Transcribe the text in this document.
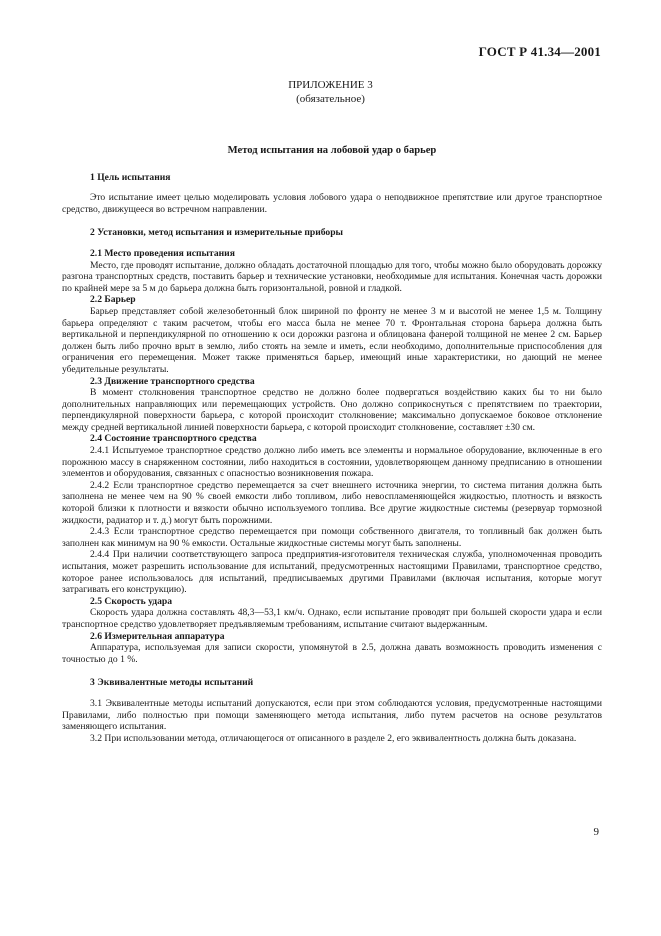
ГОСТ Р 41.34—2001
ПРИЛОЖЕНИЕ 3
(обязательное)
Метод испытания на лобовой удар о барьер
1 Цель испытания
Это испытание имеет целью моделировать условия лобового удара о неподвижное препятствие или другое транспортное средство, движущееся во встречном направлении.
2 Установки, метод испытания и измерительные приборы
2.1 Место проведения испытания
Место, где проводят испытание, должно обладать достаточной площадью для того, чтобы можно было оборудовать дорожку разгона транспортных средств, поставить барьер и технические установки, необходимые для испытания. Конечная часть дорожки по крайней мере за 5 м до барьера должна быть горизонтальной, ровной и гладкой.
2.2 Барьер
Барьер представляет собой железобетонный блок шириной по фронту не менее 3 м и высотой не менее 1,5 м. Толщину барьера определяют с таким расчетом, чтобы его масса была не менее 70 т. Фронтальная сторона барьера должна быть вертикальной и перпендикулярной по отношению к оси дорожки разгона и облицована фанерой толщиной не менее 2 см. Барьер должен быть либо прочно врыт в землю, либо стоять на земле и иметь, если необходимо, дополнительные приспособления для ограничения его перемещения. Может также применяться барьер, имеющий иные характеристики, но дающий не менее убедительные результаты.
2.3 Движение транспортного средства
В момент столкновения транспортное средство не должно более подвергаться воздействию каких бы то ни было дополнительных направляющих или перемещающих устройств. Оно должно соприкоснуться с препятствием по траектории, перпендикулярной поверхности барьера, с которой происходит столкновение; максимально допускаемое боковое отклонение между средней вертикальной линией поверхности барьера, с которой происходит столкновение, составляет ±30 см.
2.4 Состояние транспортного средства
2.4.1 Испытуемое транспортное средство должно либо иметь все элементы и нормальное оборудование, включенные в его порожнюю массу в снаряженном состоянии, либо находиться в состоянии, удовлетворяющем данному предписанию в отношении элементов и оборудования, связанных с опасностью возникновения пожара.
2.4.2 Если транспортное средство перемещается за счет внешнего источника энергии, то система питания должна быть заполнена не менее чем на 90 % своей емкости либо топливом, либо невоспламеняющейся жидкостью, плотность и вязкость которой близки к плотности и вязкости обычно используемого топлива. Все другие жидкостные системы (резервуар тормозной жидкости, радиатор и т. д.) могут быть порожними.
2.4.3 Если транспортное средство перемещается при помощи собственного двигателя, то топливный бак должен быть заполнен как минимум на 90 % емкости. Остальные жидкостные системы могут быть заполнены.
2.4.4 При наличии соответствующего запроса предприятия-изготовителя техническая служба, уполномоченная проводить испытания, может разрешить использование для испытаний, предусмотренных настоящими Правилами, транспортное средство, которое ранее использовалось для испытаний, предписываемых другими Правилами (включая испытания, которые могут затрагивать его конструкцию).
2.5 Скорость удара
Скорость удара должна составлять 48,3—53,1 км/ч. Однако, если испытание проводят при большей скорости удара и если транспортное средство удовлетворяет предъявляемым требованиям, испытание считают выдержанным.
2.6 Измерительная аппаратура
Аппаратура, используемая для записи скорости, упомянутой в 2.5, должна давать возможность проводить изменения с точностью до 1 %.
3 Эквивалентные методы испытаний
3.1 Эквивалентные методы испытаний допускаются, если при этом соблюдаются условия, предусмотренные настоящими Правилами, либо полностью при помощи заменяющего метода испытания, либо путем расчетов на основе результатов заменяющего испытания.
3.2 При использовании метода, отличающегося от описанного в разделе 2, его эквивалентность должна быть доказана.
9
